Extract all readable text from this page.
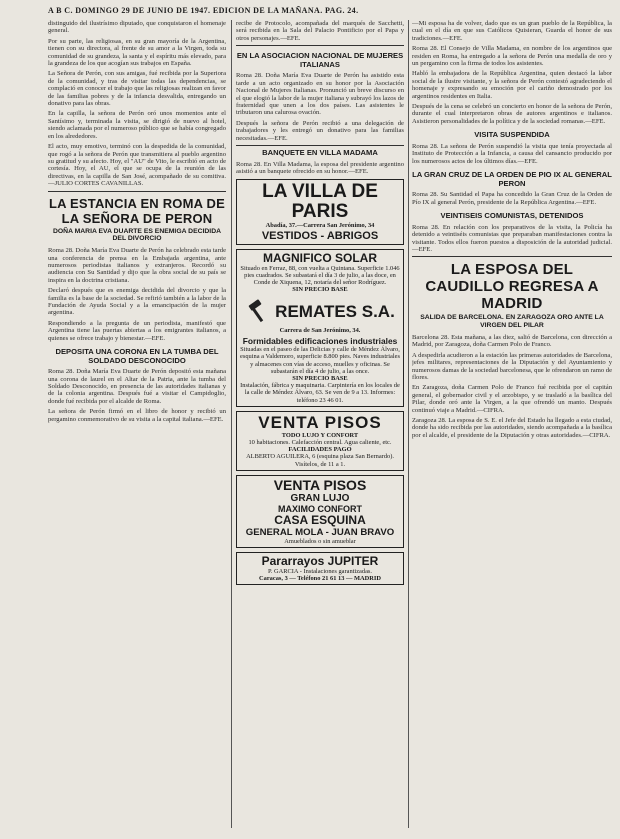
A B C. DOMINGO 29 DE JUNIO DE 1947. EDICION DE LA MAÑANA. PAG. 24.

distinguido del ilustrísimo diputado, que conquistaron el homenaje general.

Por su parte, las religiosas, en su gran mayoría de la Argentina, tienen con su directora, al frente de su amor a la Virgen, toda su comunidad de su grandeza, la santa y el espíritu más elevado, para la grandeza de los que acogían sus trabajos en España.

La Señora de Perón, con sus amigas, fué recibida por la Superiora de la comunidad, y tras de visitar todas las dependencias, se complació en conocer el trabajo que las religiosas realizan en favor de las familias pobres y de la infancia desvalida, entregando un donativo para las obras.

En la capilla, la señora de Perón oró unos momentos ante el Santísimo y, terminada la visita, se dirigió de nuevo al hotel, siendo aclamada por el numeroso público que se había congregado en los alrededores.

El acto, muy emotivo, terminó con la despedida de la comunidad, que rogó a la señora de Perón que transmitiera al pueblo argentino su gratitud y su afecto. Hoy, el "AU" de Vito, le escribió en acto de cortesía. Hoy, el AU, el que se ocupa de la reunión de las directivas, en la capilla de San José, acompañado de su comitiva.—JULIO CORTES CAVANILLAS.

LA ESTANCIA EN ROMA DE LA SEÑORA DE PERON
DOÑA MARIA EVA DUARTE ES ENEMIGA DECIDIDA DEL DIVORCIO

Roma 28. Doña María Eva Duarte de Perón ha celebrado esta tarde una conferencia de prensa en la Embajada argentina, ante numerosos periodistas italianos y extranjeros. Recordó su audiencia con Su Santidad y dijo que la obra social de su país se inspira en la doctrina cristiana.

Declaró después que es enemiga decidida del divorcio y que la familia es la base de la sociedad. Se refirió también a la labor de la Fundación de Ayuda Social y a la emancipación de la mujer argentina.

Respondiendo a la pregunta de un periodista, manifestó que Argentina tiene las puertas abiertas a los emigrantes italianos, a quienes se ofrece trabajo y bienestar.—EFE.

DEPOSITA UNA CORONA EN LA TUMBA DEL SOLDADO DESCONOCIDO

Roma 28. Doña María Eva Duarte de Perón depositó esta mañana una corona de laurel en el Altar de la Patria, ante la tumba del Soldado Desconocido, en presencia de las autoridades italianas y de la colonia argentina. Después fué a visitar el Campidoglio, donde fué recibida por el alcalde de Roma.

La señora de Perón firmó en el libro de honor y recibió un pergamino conmemorativo de su visita a la capital italiana.—EFE.

recibe de Protocolo, acompañada del marqués de Sacchetti, será recibida en la Sala del Palacio Pontificio por el Papa y otros personajes.—EFE.

EN LA ASOCIACION NACIONAL DE MUJERES ITALIANAS

Roma 28. Doña María Eva Duarte de Perón ha asistido esta tarde a un acto organizado en su honor por la Asociación Nacional de Mujeres Italianas. Pronunció un breve discurso en el que elogió la labor de la mujer italiana y subrayó los lazos de fraternidad que unen a los dos países. Las asistentes le tributaron una calurosa ovación.

Después la señora de Perón recibió a una delegación de trabajadores y les entregó un donativo para las familias necesitadas.—EFE.

BANQUETE EN VILLA MADAMA

Roma 28. En Villa Madama, la esposa del presidente argentino asistió a un banquete ofrecido en su honor.—EFE.

LA VILLA DE PARIS
Abadía, 37.—Carrera San Jerónimo, 34
VESTIDOS - ABRIGOS
MAGNIFICO SOLAR
Situado en Ferraz, 88, con vuelta a Quintana. Superficie 1.046 pies cuadrados. Se subastará el día 3 de julio, a las doce, en Conde de Xiquena, 12, notaría del señor Rodríguez.
SIN PRECIO BASE
REMATES S.A.
Carrera de San Jerónimo, 34.
Formidables edificaciones industriales
Situadas en el paseo de las Delicias y calle de Méndez Álvaro, esquina a Valdemoro, superficie 8.800 pies. Naves industriales y almacenes con vías de acceso, muelles y oficinas. Se subastarán el día 4 de julio, a las once.
SIN PRECIO BASE
Instalación, fábrica y maquinaria. Carpintería en los locales de la calle de Méndez Álvaro, 63. Se ven de 9 a 13. Informes: teléfono 23 46 01.
VENTA PISOS
TODO LUJO Y CONFORT
10 habitaciones. Calefacción central. Agua caliente, etc.
FACILIDADES PAGO
ALBERTO AGUILERA, 6 (esquina plaza San Bernardo). Visítelos, de 11 a 1.
VENTA PISOS
GRAN LUJO
MAXIMO CONFORT
CASA ESQUINA
GENERAL MOLA - JUAN BRAVO
Amueblados o sin amueblar
Pararrayos JUPITER
P. GARCIA - Instalaciones garantizadas.
Caracas, 3 — Teléfono 21 61 13 — MADRID

—Mi esposa ha de volver, dado que es un gran pueblo de la República, la cual en el día en que sus Católicos Quisieran, Guarda el honor de sus tradiciones.—EFE.

Roma 28. El Consejo de Villa Madama, en nombre de los argentinos que residen en Roma, ha entregado a la señora de Perón una medalla de oro y un pergamino con la firma de todos los asistentes.

Habló la embajadora de la República Argentina, quien destacó la labor social de la ilustre visitante, y la señora de Perón contestó agradeciendo el homenaje y expresando su emoción por el cariño demostrado por los argentinos residentes en Italia.

Después de la cena se celebró un concierto en honor de la señora de Perón, durante el cual interpretaron obras de autores argentinos e italianos. Asistieron personalidades de la política y de la sociedad romanas.—EFE.

VISITA SUSPENDIDA

Roma 28. La señora de Perón suspendió la visita que tenía proyectada al Instituto de Protección a la Infancia, a causa del cansancio producido por los numerosos actos de los últimos días.—EFE.

LA GRAN CRUZ DE LA ORDEN DE PIO IX AL GENERAL PERON

Roma 28. Su Santidad el Papa ha concedido la Gran Cruz de la Orden de Pío IX al general Perón, presidente de la República Argentina.—EFE.

VEINTISEIS COMUNISTAS, DETENIDOS

Roma 28. En relación con los preparativos de la visita, la Policía ha detenido a veintiséis comunistas que preparaban manifestaciones contra la visitante. Todos ellos fueron puestos a disposición de la autoridad judicial.—EFE.

LA ESPOSA DEL CAUDILLO REGRESA A MADRID
SALIDA DE BARCELONA. EN ZARAGOZA ORO ANTE LA VIRGEN DEL PILAR

Barcelona 28. Esta mañana, a las diez, salió de Barcelona, con dirección a Madrid, por Zaragoza, doña Carmen Polo de Franco.

A despedirla acudieron a la estación las primeras autoridades de Barcelona, jefes militares, representaciones de la Diputación y del Ayuntamiento y numerosos damas de la sociedad barcelonesa, que le ofrendaron un ramo de flores.

En Zaragoza, doña Carmen Polo de Franco fué recibida por el capitán general, el gobernador civil y el arzobispo, y se trasladó a la basílica del Pilar, donde oró ante la Virgen, a la que ofrendó un manto. Después continuó viaje a Madrid.—CIFRA.

Zaragoza 28. La esposa de S. E. el Jefe del Estado ha llegado a esta ciudad, donde ha sido recibida por las autoridades, siendo acompañada a la basílica por el alcalde, el presidente de la Diputación y otras autoridades.—CIFRA.
